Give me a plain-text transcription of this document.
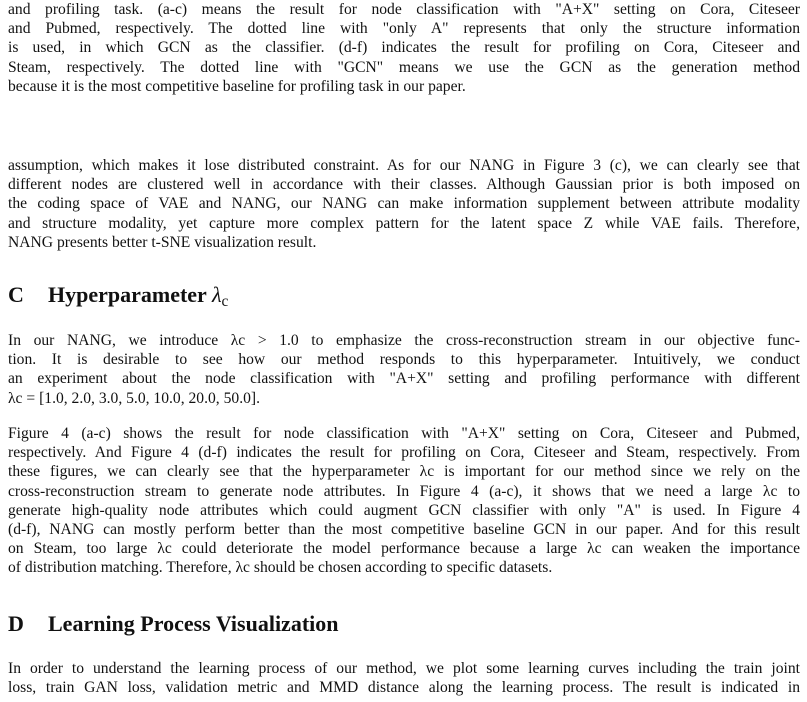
and profiling task. (a-c) means the result for node classification with "A+X" setting on Cora, Citeseer
and Pubmed, respectively. The dotted line with "only A" represents that only the structure information
is used, in which GCN as the classifier. (d-f) indicates the result for profiling on Cora, Citeseer and
Steam, respectively. The dotted line with "GCN" means we use the GCN as the generation method
because it is the most competitive baseline for profiling task in our paper.

assumption, which makes it lose distributed constraint. As for our NANG in Figure 3 (c), we can clearly see that
different nodes are clustered well in accordance with their classes. Although Gaussian prior is both imposed on
the coding space of VAE and NANG, our NANG can make information supplement between attribute modality
and structure modality, yet capture more complex pattern for the latent space Z while VAE fails. Therefore,
NANG presents better t-SNE visualization result.

C Hyperparameter $\lambda_c$

In our NANG, we introduce λc > 1.0 to emphasize the cross-reconstruction stream in our objective func-
tion. It is desirable to see how our method responds to this hyperparameter. Intuitively, we conduct
an experiment about the node classification with "A+X" setting and profiling performance with different
λc = [1.0, 2.0, 3.0, 5.0, 10.0, 20.0, 50.0].

Figure 4 (a-c) shows the result for node classification with "A+X" setting on Cora, Citeseer and Pubmed,
respectively. And Figure 4 (d-f) indicates the result for profiling on Cora, Citeseer and Steam, respectively. From
these figures, we can clearly see that the hyperparameter λc is important for our method since we rely on the
cross-reconstruction stream to generate node attributes. In Figure 4 (a-c), it shows that we need a large λc to
generate high-quality node attributes which could augment GCN classifier with only "A" is used. In Figure 4
(d-f), NANG can mostly perform better than the most competitive baseline GCN in our paper. And for this result
on Steam, too large λc could deteriorate the model performance because a large λc can weaken the importance
of distribution matching. Therefore, λc should be chosen according to specific datasets.

D Learning Process Visualization

In order to understand the learning process of our method, we plot some learning curves including the train joint
loss, train GAN loss, validation metric and MMD distance along the learning process. The result is indicated in
